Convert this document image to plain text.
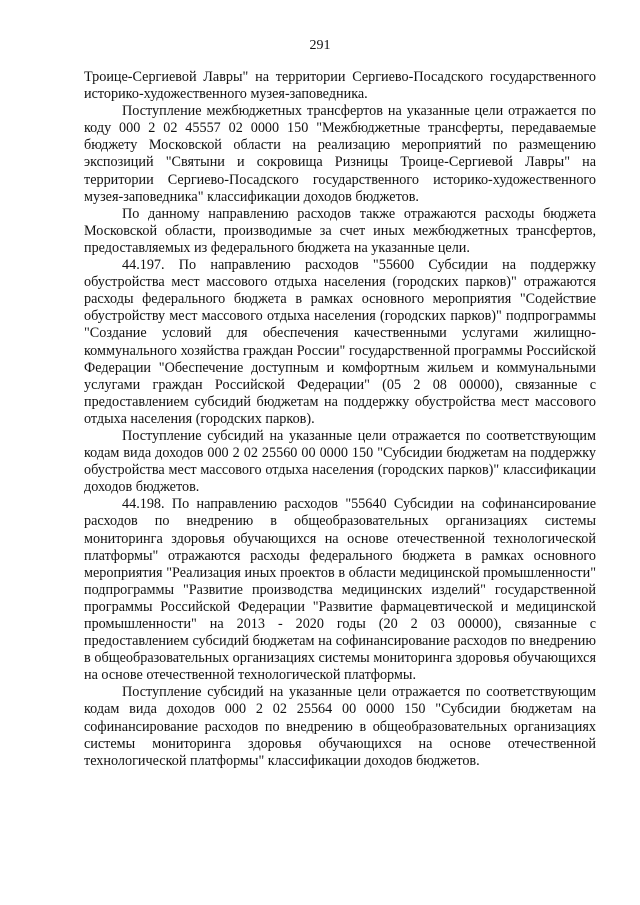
291

Троице-Сергиевой Лавры" на территории Сергиево-Посадского государственного историко-художественного музея-заповедника.

Поступление межбюджетных трансфертов на указанные цели отражается по коду 000 2 02 45557 02 0000 150 "Межбюджетные трансферты, передаваемые бюджету Московской области на реализацию мероприятий по размещению экспозиций "Святыни и сокровища Ризницы Троице-Сергиевой Лавры" на территории Сергиево-Посадского государственного историко-художественного музея-заповедника" классификации доходов бюджетов.

По данному направлению расходов также отражаются расходы бюджета Московской области, производимые за счет иных межбюджетных трансфертов, предоставляемых из федерального бюджета на указанные цели.

44.197. По направлению расходов "55600 Субсидии на поддержку обустройства мест массового отдыха населения (городских парков)" отражаются расходы федерального бюджета в рамках основного мероприятия "Содействие обустройству мест массового отдыха населения (городских парков)" подпрограммы "Создание условий для обеспечения качественными услугами жилищно-коммунального хозяйства граждан России" государственной программы Российской Федерации "Обеспечение доступным и комфортным жильем и коммунальными услугами граждан Российской Федерации" (05 2 08 00000), связанные с предоставлением субсидий бюджетам на поддержку обустройства мест массового отдыха населения (городских парков).

Поступление субсидий на указанные цели отражается по соответствующим кодам вида доходов 000 2 02 25560 00 0000 150 "Субсидии бюджетам на поддержку обустройства мест массового отдыха населения (городских парков)" классификации доходов бюджетов.

44.198. По направлению расходов "55640 Субсидии на софинансирование расходов по внедрению в общеобразовательных организациях системы мониторинга здоровья обучающихся на основе отечественной технологической платформы" отражаются расходы федерального бюджета в рамках основного мероприятия "Реализация иных проектов в области медицинской промышленности" подпрограммы "Развитие производства медицинских изделий" государственной программы Российской Федерации "Развитие фармацевтической и медицинской промышленности" на 2013 - 2020 годы (20 2 03 00000), связанные с предоставлением субсидий бюджетам на софинансирование расходов по внедрению в общеобразовательных организациях системы мониторинга здоровья обучающихся на основе отечественной технологической платформы.

Поступление субсидий на указанные цели отражается по соответствующим кодам вида доходов 000 2 02 25564 00 0000 150 "Субсидии бюджетам на софинансирование расходов по внедрению в общеобразовательных организациях системы мониторинга здоровья обучающихся на основе отечественной технологической платформы" классификации доходов бюджетов.
